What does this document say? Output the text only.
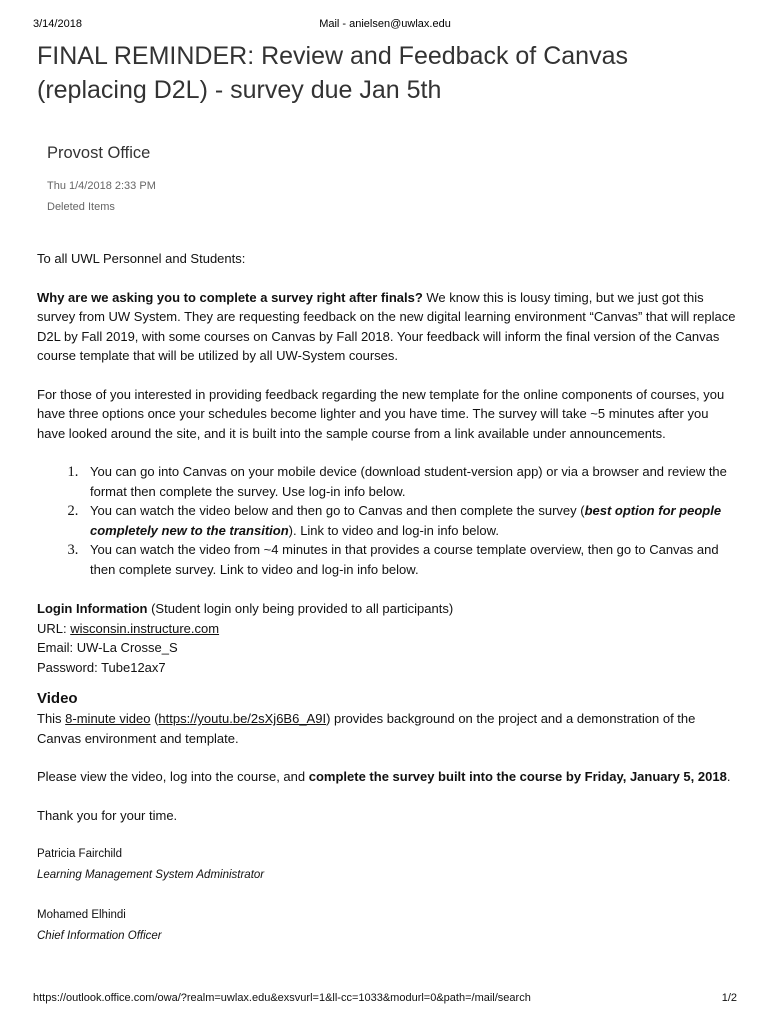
3/14/2018	Mail - anielsen@uwlax.edu
FINAL REMINDER: Review and Feedback of Canvas (replacing D2L) - survey due Jan 5th
Provost Office
Thu 1/4/2018 2:33 PM
Deleted Items

To all UWL Personnel and Students:

Why are we asking you to complete a survey right after finals? We know this is lousy timing, but we just got this survey from UW System. They are requesting feedback on the new digital learning environment “Canvas” that will replace D2L by Fall 2019, with some courses on Canvas by Fall 2018. Your feedback will inform the final version of the Canvas course template that will be utilized by all UW-System courses.

For those of you interested in providing feedback regarding the new template for the online components of courses, you have three options once your schedules become lighter and you have time. The survey will take ~5 minutes after you have looked around the site, and it is built into the sample course from a link available under announcements.

1. You can go into Canvas on your mobile device (download student-version app) or via a browser and review the format then complete the survey. Use log-in info below.
2. You can watch the video below and then go to Canvas and then complete the survey (best option for people completely new to the transition). Link to video and log-in info below.
3. You can watch the video from ~4 minutes in that provides a course template overview, then go to Canvas and then complete survey. Link to video and log-in info below.

Login Information (Student login only being provided to all participants)

URL: wisconsin.instructure.com

Email: UW-La Crosse_S

Password: Tube12ax7

Video

This 8-minute video (https://youtu.be/2sXj6B6_A9I) provides background on the project and a demonstration of the Canvas environment and template.

Please view the video, log into the course, and complete the survey built into the course by Friday, January 5, 2018.

Thank you for your time.

Patricia Fairchild
Learning Management System Administrator
Mohamed Elhindi
Chief Information Officer
https://outlook.office.com/owa/?realm=uwlax.edu&exsvurl=1&ll-cc=1033&modurl=0&path=/mail/search	1/2
